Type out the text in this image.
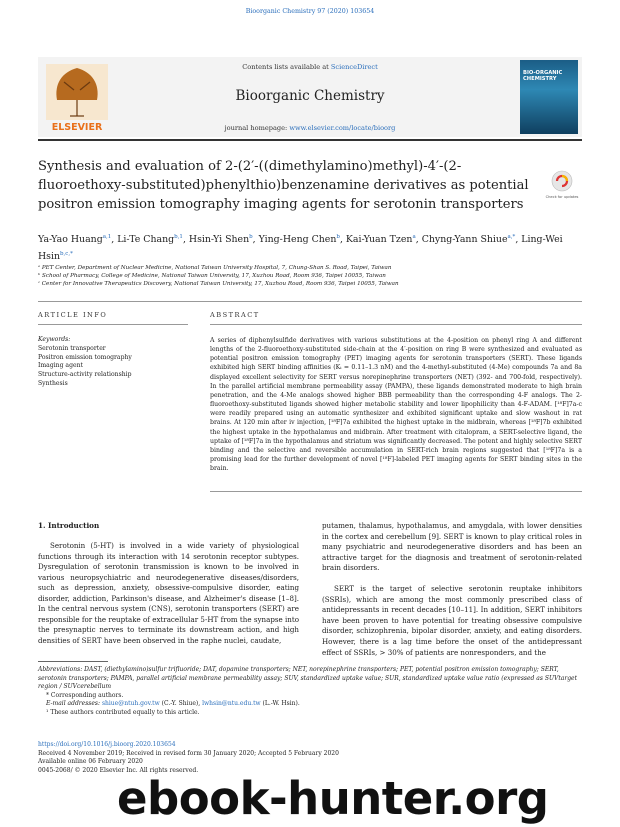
Bioorganic Chemistry 97 (2020) 103654
ELSEVIER
Contents lists available at ScienceDirect
Bioorganic Chemistry
journal homepage: www.elsevier.com/locate/bioorg
BIO-ORGANIC CHEMISTRY
Synthesis and evaluation of 2-(2′-((dimethylamino)methyl)-4′-(2-fluoroethoxy-substituted)phenylthio)benzenamine derivatives as potential positron emission tomography imaging agents for serotonin transporters	Check for updates
Ya-Yao Huang$^{a,1}$, Li-Te Chang$^{b,1}$, Hsin-Yi Shen$^b$, Ying-Heng Chen$^b$, Kai-Yuan Tzen$^a$, Chyng-Yann Shiue$^{a,*}$, Ling-Wei Hsin$^{b,c,*}$
ᵃ PET Center, Department of Nuclear Medicine, National Taiwan University Hospital, 7, Chung-Shan S. Road, Taipei, Taiwan
ᵇ School of Pharmacy, College of Medicine, National Taiwan University, 17, Xuzhou Road, Room 936, Taipei 10055, Taiwan
ᶜ Center for Innovative Therapeutics Discovery, National Taiwan University, 17, Xuzhou Road, Room 936, Taipei 10055, Taiwan
ARTICLE INFO	ABSTRACT
Keywords:
Serotonin transporter
Positron emission tomography
Imaging agent
Structure-activity relationship
Synthesis
A series of diphenylsulfide derivatives with various substitutions at the 4-position on phenyl ring A and different lengths of the 2-fluoroethoxy-substituted side-chain at the 4′-position on ring B were synthesized and evaluated as potential positron emission tomography (PET) imaging agents for serotonin transporters (SERT). These ligands exhibited high SERT binding affinities (Kᵢ = 0.11–1.3 nM) and the 4-methyl-substituted (4-Me) compounds 7a and 8a displayed excellent selectivity for SERT versus norepinephrine transporters (NET) (392- and 700-fold, respectively). In the parallel artificial membrane permeability assay (PAMPA), these ligands demonstrated moderate to high brain penetration, and the 4-Me analogs showed higher BBB permeability than the corresponding 4-F analogs. The 2-fluoroethoxy-substituted ligands showed higher metabolic stability and lower lipophilicity than 4-F-ADAM. [¹⁸F]7a-c were readily prepared using an automatic synthesizer and exhibited significant uptake and slow washout in rat brains. At 120 min after iv injection, [¹⁸F]7a exhibited the highest uptake in the midbrain, whereas [¹⁸F]7b exhibited the highest uptake in the hypothalamus and midbrain. After treatment with citalopram, a SERT-selective ligand, the uptake of [¹⁸F]7a in the hypothalamus and striatum was significantly decreased. The potent and highly selective SERT binding and the selective and reversible accumulation in SERT-rich brain regions suggested that [¹⁸F]7a is a promising lead for the further development of novel [¹⁸F]-labeled PET imaging agents for SERT binding sites in the brain.
1. Introduction

Serotonin (5-HT) is involved in a wide variety of physiological functions through its interaction with 14 serotonin receptor subtypes. Dysregulation of serotonin transmission is known to be involved in various neuropsychiatric and neurodegenerative diseases/disorders, such as depression, anxiety, obsessive-compulsive disorder, eating disorder, addiction, Parkinson's disease, and Alzheimer's disease [1–8]. In the central nervous system (CNS), serotonin transporters (SERT) are responsible for the reuptake of extracellular 5-HT from the synapse into the presynaptic nerves to terminate its downstream action, and high densities of SERT have been observed in the raphe nuclei, caudate,

putamen, thalamus, hypothalamus, and amygdala, with lower densities in the cortex and cerebellum [9]. SERT is known to play critical roles in many psychiatric and neurodegenerative disorders and has been an attractive target for the diagnosis and treatment of serotonin-related brain disorders.

SERT is the target of selective serotonin reuptake inhibitors (SSRIs), which are among the most commonly prescribed class of antidepressants in recent decades [10–11]. In addition, SERT inhibitors have been proven to have potential for treating obsessive compulsive disorder, schizophrenia, bipolar disorder, anxiety, and eating disorders. However, there is a lag time before the onset of the antidepressant effect of SSRIs, > 30% of patients are nonresponders, and the

Abbreviations: DAST, (diethylamino)sulfur trifluoride; DAT, dopamine transporters; NET, norepinephrine transporters; PET, potential positron emission tomography; SERT, serotonin transporters; PAMPA, parallel artificial membrane permeability assay; SUV, standardized uptake value; SUR, standardized uptake value ratio (expressed as SUVtarget region / SUVcerebellum
* Corresponding authors.
E-mail addresses: shiue@ntuh.gov.tw (C.-Y. Shiue), lwhsin@ntu.edu.tw (L.-W. Hsin).
¹ These authors contributed equally to this article.
https://doi.org/10.1016/j.bioorg.2020.103654
Received 4 November 2019; Received in revised form 30 January 2020; Accepted 5 February 2020
Available online 06 February 2020
0045-2068/ © 2020 Elsevier Inc. All rights reserved.
ebook-hunter.org
